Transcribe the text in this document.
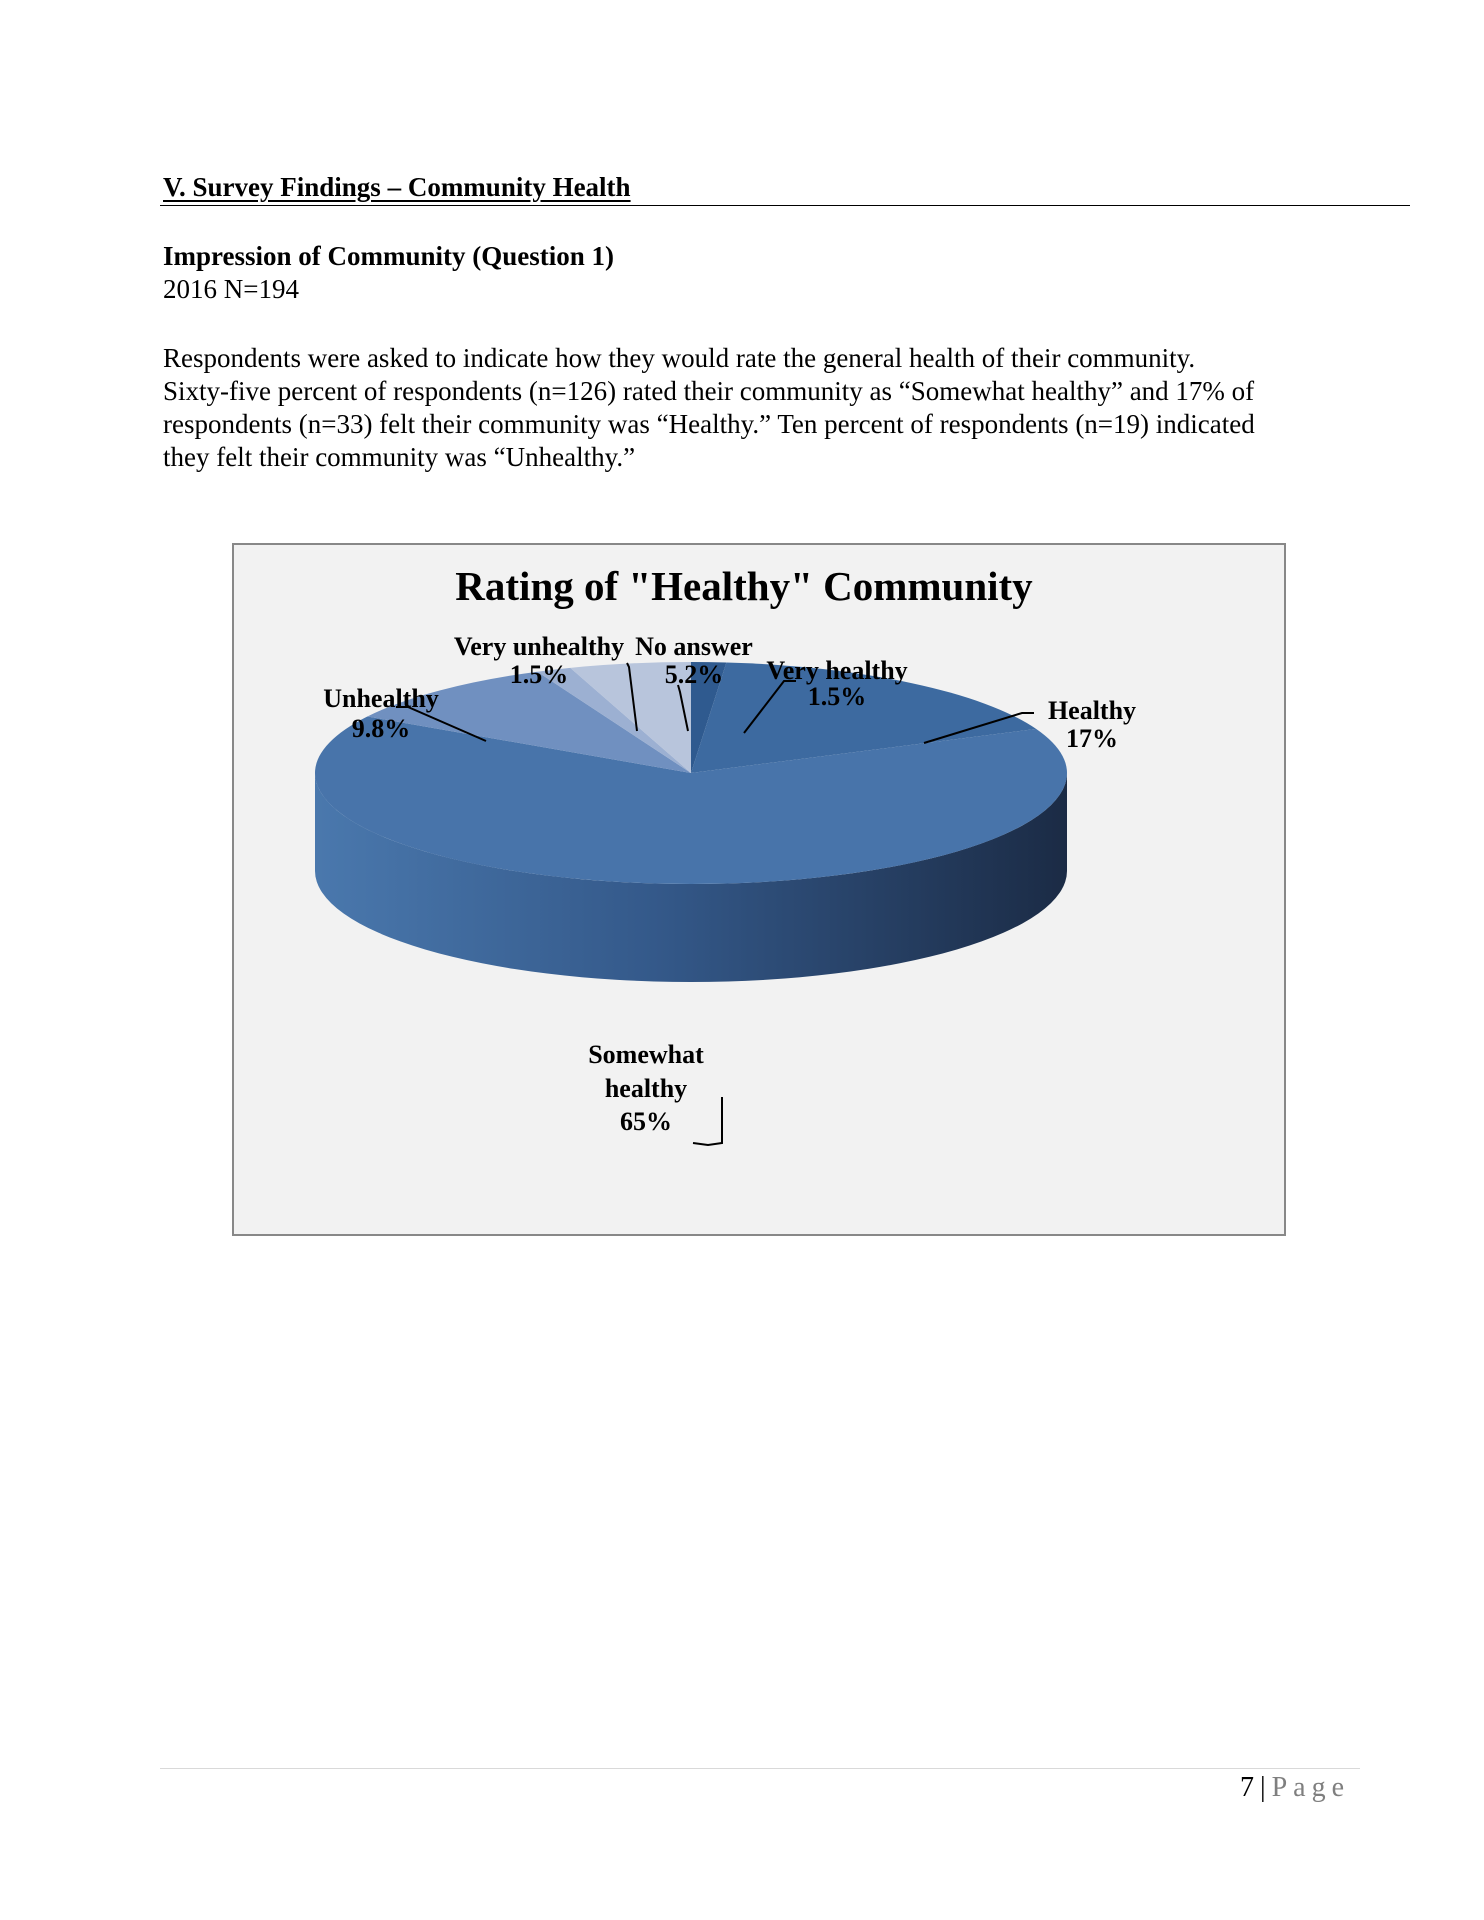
V. Survey Findings – Community Health
Impression of Community (Question 1)
2016 N=194
Respondents were asked to indicate how they would rate the general health of their community.
Sixty-five percent of respondents (n=126) rated their community as “Somewhat healthy” and 17% of
respondents (n=33) felt their community was “Healthy.” Ten percent of respondents (n=19) indicated
they felt their community was “Unhealthy.”
Rating of "Healthy" Community
Very healthy 1.5%	Healthy 17%
Somewhat healthy 65%
Unhealthy 9.8%
Very unhealthy 1.5%
No answer 5.2%
7 | Page
